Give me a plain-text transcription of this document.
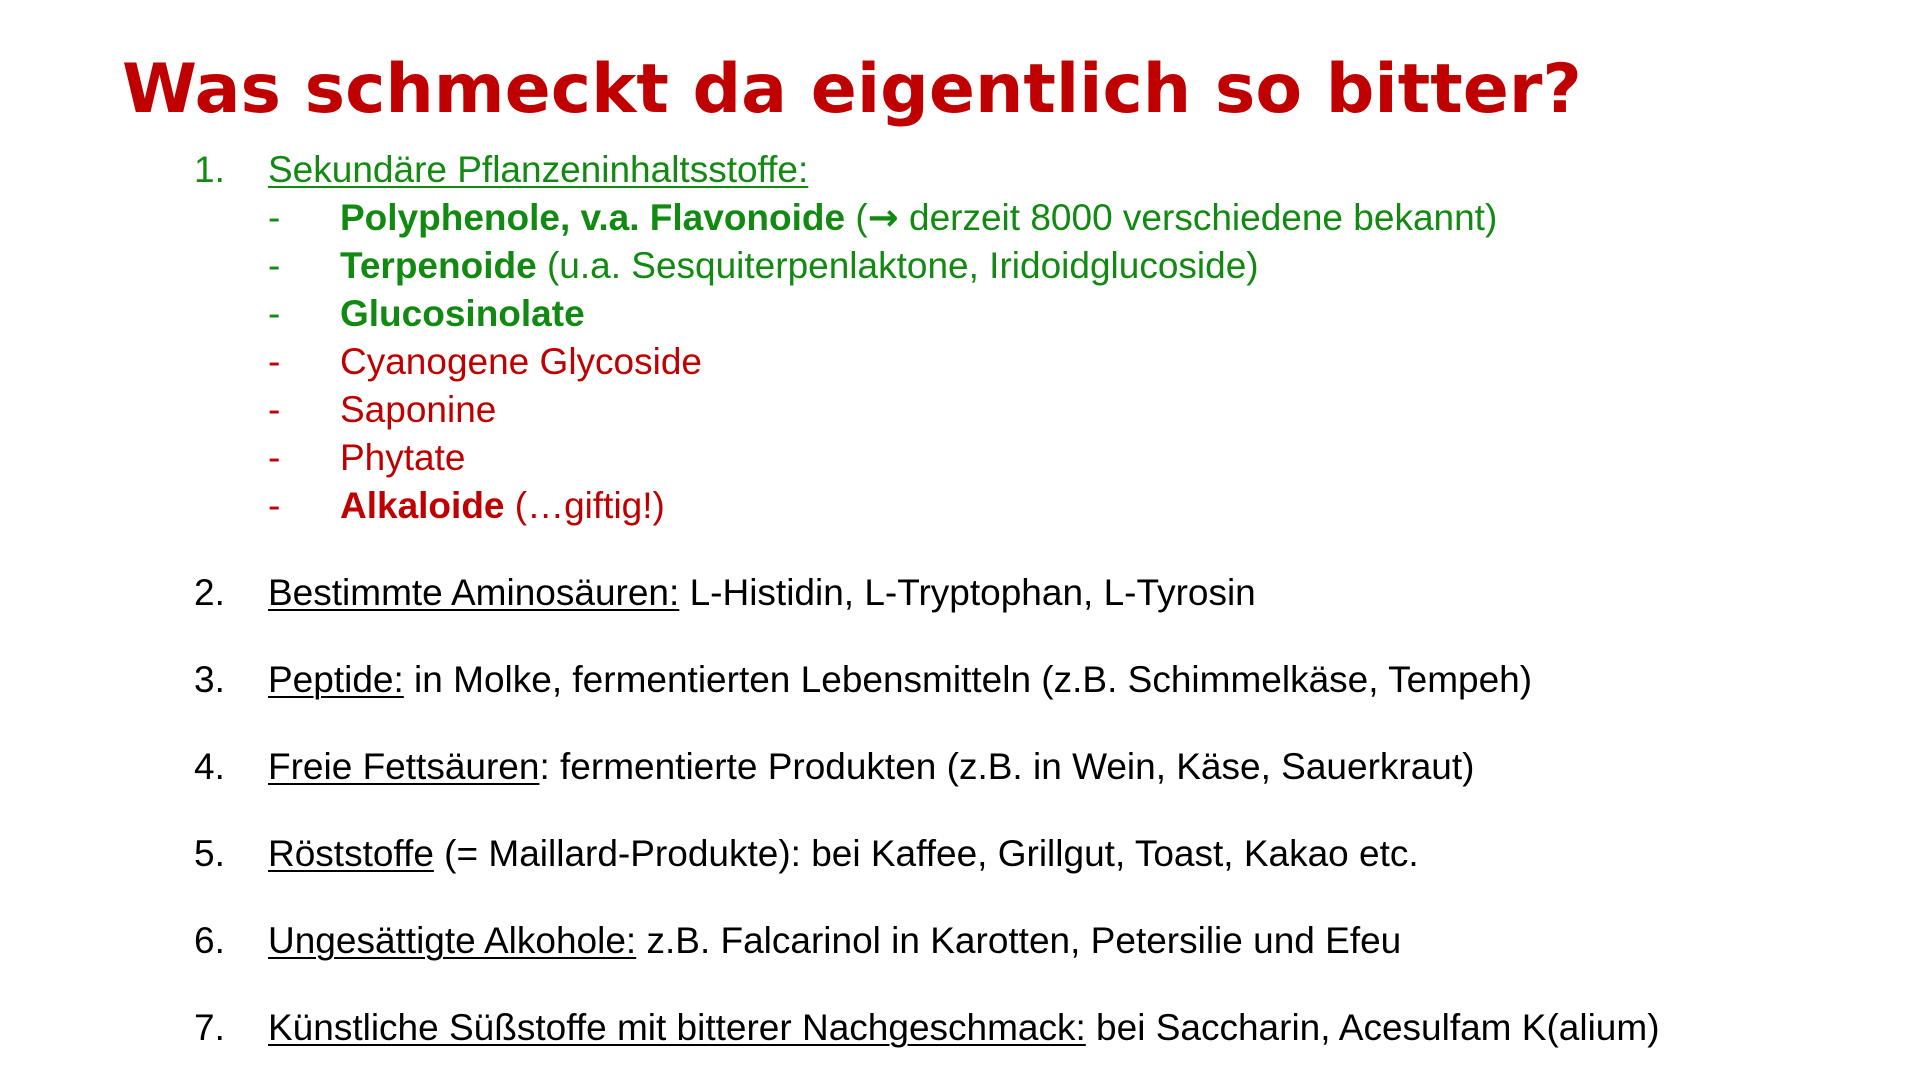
Was schmeckt da eigentlich so bitter?
1. Sekundäre Pflanzeninhaltsstoffe:
- Polyphenole, v.a. Flavonoide (→ derzeit 8000 verschiedene bekannt)
- Terpenoide (u.a. Sesquiterpenlaktone, Iridoidglucoside)
- Glucosinolate
- Cyanogene Glycoside
- Saponine
- Phytate
- Alkaloide (…giftig!)
2. Bestimmte Aminosäuren: L-Histidin, L-Tryptophan, L-Tyrosin
3. Peptide: in Molke, fermentierten Lebensmitteln (z.B. Schimmelkäse, Tempeh)
4. Freie Fettsäuren: fermentierte Produkten (z.B. in Wein, Käse, Sauerkraut)
5. Röststoffe (= Maillard-Produkte): bei Kaffee, Grillgut, Toast, Kakao etc.
6. Ungesättigte Alkohole: z.B. Falcarinol in Karotten, Petersilie und Efeu
7. Künstliche Süßstoffe mit bitterer Nachgeschmack: bei Saccharin, Acesulfam K(alium)
